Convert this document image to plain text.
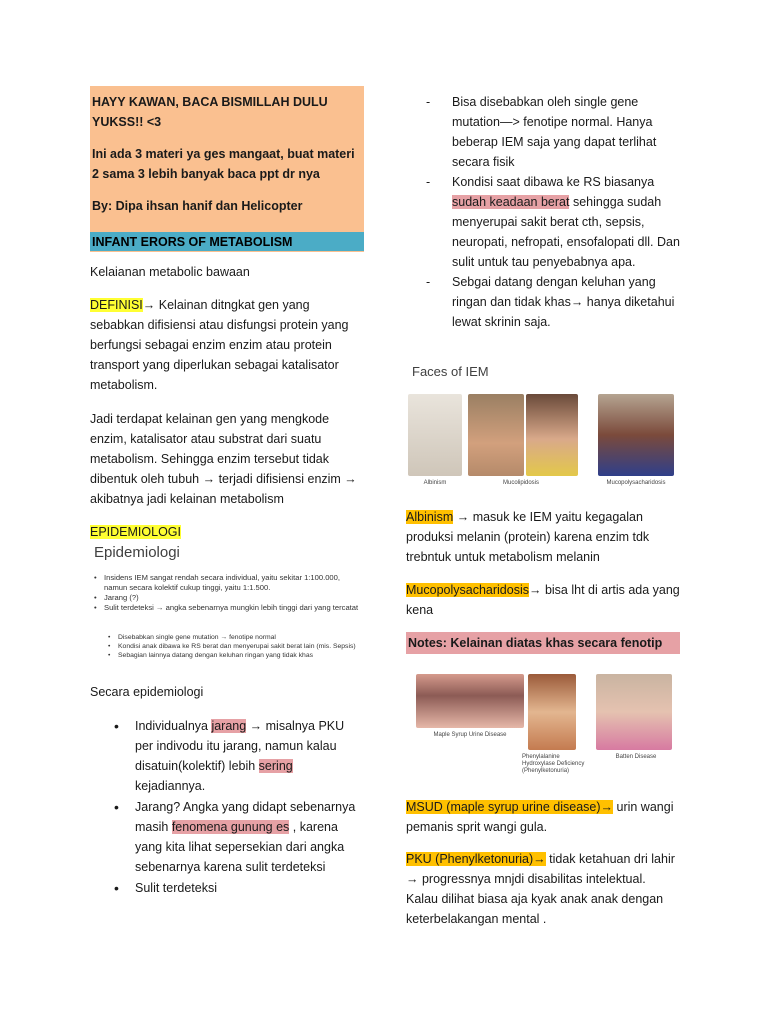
HAYY KAWAN, BACA BISMILLAH DULU YUKSS!! <3

Ini ada 3 materi ya ges mangaat, buat materi 2 sama 3 lebih banyak baca ppt dr nya

By: Dipa ihsan hanif dan Helicopter

INFANT ERORS OF METABOLISM

Kelaianan metabolic bawaan

DEFINISI→ Kelainan ditngkat gen yang sebabkan difisiensi atau disfungsi protein yang berfungsi sebagai enzim enzim atau protein transport yang diperlukan sebagai katalisator metabolism.

Jadi terdapat kelainan gen yang mengkode enzim, katalisator atau substrat dari suatu metabolism. Sehingga enzim tersebut tidak dibentuk oleh tubuh → terjadi difisiensi enzim → akibatnya jadi kelainan metabolism

EPIDEMIOLOGI

Epidemiologi
• Insidens IEM sangat rendah secara individual, yaitu sekitar 1:100.000, namun secara kolektif cukup tinggi, yaitu 1:1.500.
• Jarang (?)
• Sulit terdeteksi → angka sebenarnya mungkin lebih tinggi dari yang tercatat
• Disebabkan single gene mutation → fenotipe normal
• Kondisi anak dibawa ke RS berat dan menyerupai sakit berat lain (mis. Sepsis)
• Sebagian lainnya datang dengan keluhan ringan yang tidak khas

Secara epidemiologi

• Individualnya jarang → misalnya PKU per indivodu itu jarang, namun kalau disatuin(kolektif) lebih sering kejadiannya.
• Jarang? Angka yang didapt sebenarnya masih fenomena gunung es , karena yang kita lihat sepersekian dari angka sebenarnya karena sulit terdeteksi
• Sulit terdeteksi
- Bisa disebabkan oleh single gene mutation—> fenotipe normal. Hanya beberap IEM saja yang dapat terlihat secara fisik
- Kondisi saat dibawa ke RS biasanya sudah keadaan berat sehingga sudah menyerupai sakit berat cth, sepsis, neuropati, nefropati, ensofalopati dll. Dan sulit untuk tau penyebabnya apa.
- Sebgai datang dengan keluhan yang ringan dan tidak khas→ hanya diketahui lewat skrinin saja.
Faces of IEM
Albinism	Mucolipidosis	Mucopolysacharidosis

Albinism → masuk ke IEM yaitu kegagalan produksi melanin (protein) karena enzim tdk trebntuk untuk metabolism melanin

Mucopolysacharidosis→ bisa lht di artis ada yang kena

Notes: Kelainan diatas khas secara fenotip
Maple Syrup Urine Disease
Phenylalanine Hydroxylase Deficiency (Phenylketonuria)
Batten Disease

MSUD (maple syrup urine disease)→ urin wangi pemanis sprit wangi gula.

PKU (Phenylketonuria)→ tidak ketahuan dri lahir → progressnya mnjdi disabilitas intelektual. Kalau dilihat biasa aja kyak anak anak dengan keterbelakangan mental .
